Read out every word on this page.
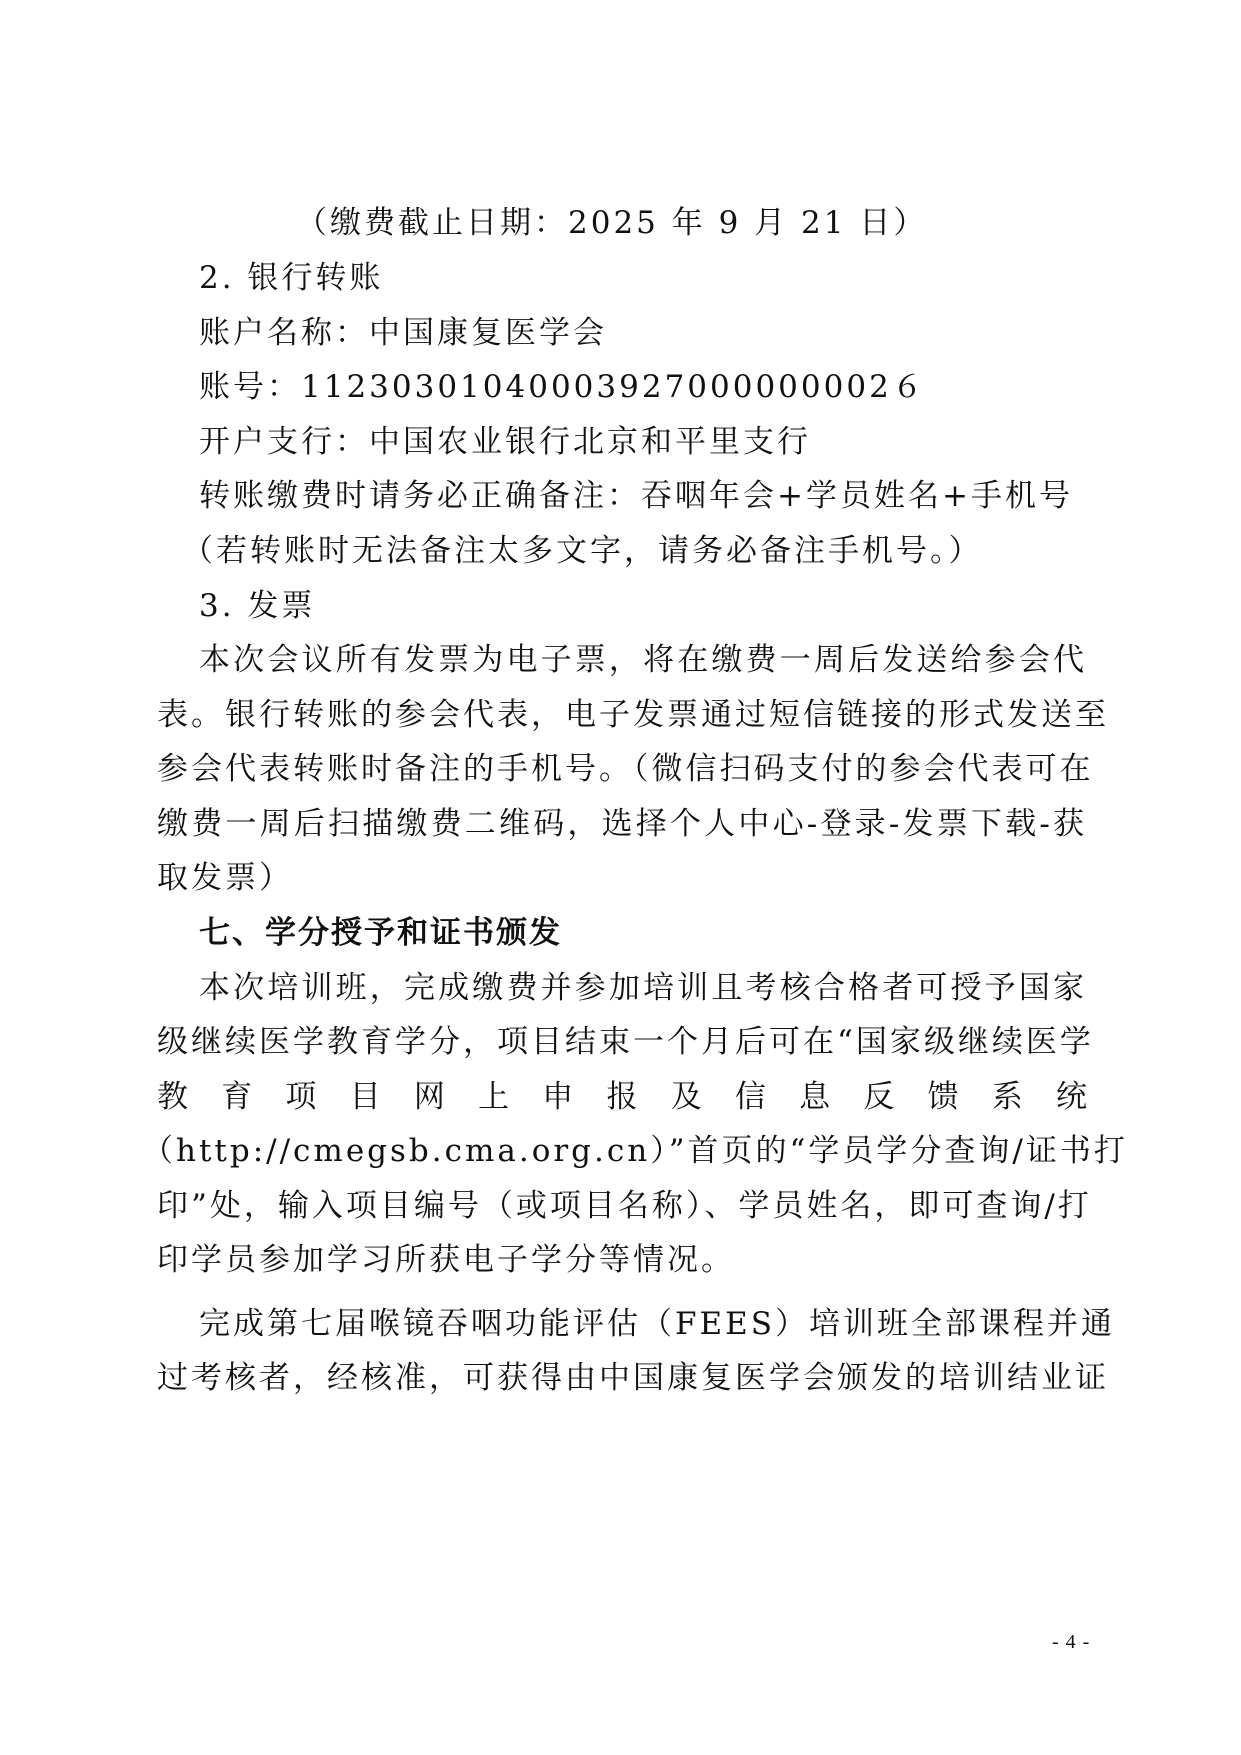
（缴费截止日期：2025 年 9 月 21 日）
2. 银行转账
账户名称：中国康复医学会
账号：11230301040003927000000002６
开户支行：中国农业银行北京和平里支行
转账缴费时请务必正确备注：吞咽年会+学员姓名+手机号
（若转账时无法备注太多文字，请务必备注手机号。）
3. 发票
本次会议所有发票为电子票，将在缴费一周后发送给参会代
表。银行转账的参会代表，电子发票通过短信链接的形式发送至
参会代表转账时备注的手机号。（微信扫码支付的参会代表可在
缴费一周后扫描缴费二维码，选择个人中心-登录-发票下载-获
取发票）
七、学分授予和证书颁发
本次培训班，完成缴费并参加培训且考核合格者可授予国家
级继续医学教育学分，项目结束一个月后可在“国家级继续医学
教育项目网上申报及信息反馈系统
（http://cmegsb.cma.org.cn）”首页的“学员学分查询/证书打
印”处，输入项目编号（或项目名称）、学员姓名，即可查询/打
印学员参加学习所获电子学分等情况。
完成第七届喉镜吞咽功能评估（FEES）培训班全部课程并通
过考核者，经核准，可获得由中国康复医学会颁发的培训结业证
- 4 -
